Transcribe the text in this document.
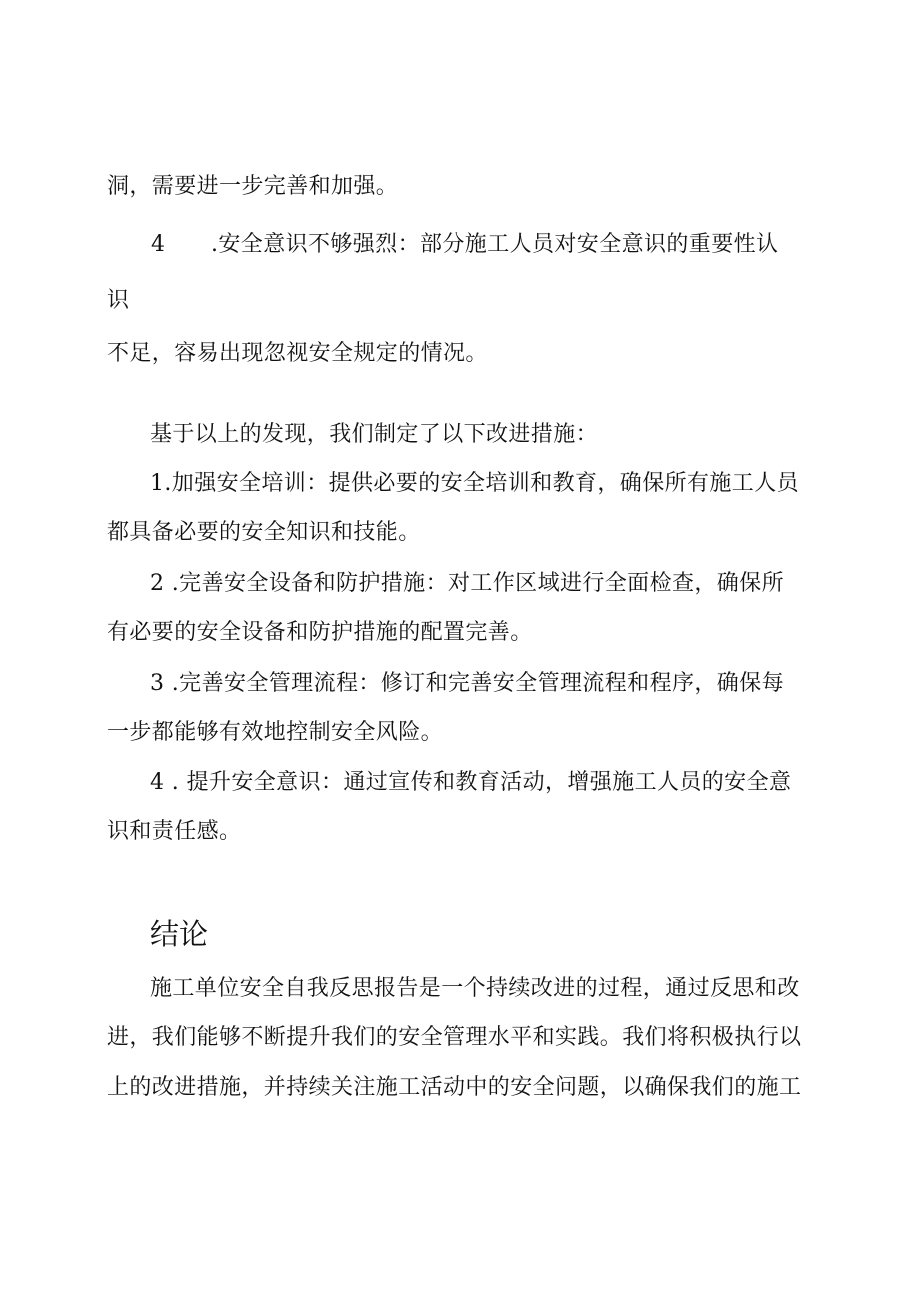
洞，需要进一步完善和加强。
4 .安全意识不够强烈：部分施工人员对安全意识的重要性认
识
不足，容易出现忽视安全规定的情况。
基于以上的发现，我们制定了以下改进措施：
1.加强安全培训：提供必要的安全培训和教育，确保所有施工人员
都具备必要的安全知识和技能。
2 .完善安全设备和防护措施：对工作区域进行全面检查，确保所
有必要的安全设备和防护措施的配置完善。
3 .完善安全管理流程：修订和完善安全管理流程和程序，确保每
一步都能够有效地控制安全风险。
4 . 提升安全意识：通过宣传和教育活动，增强施工人员的安全意
识和责任感。
结论
施工单位安全自我反思报告是一个持续改进的过程，通过反思和改
进，我们能够不断提升我们的安全管理水平和实践。我们将积极执行以
上的改进措施，并持续关注施工活动中的安全问题，以确保我们的施工
